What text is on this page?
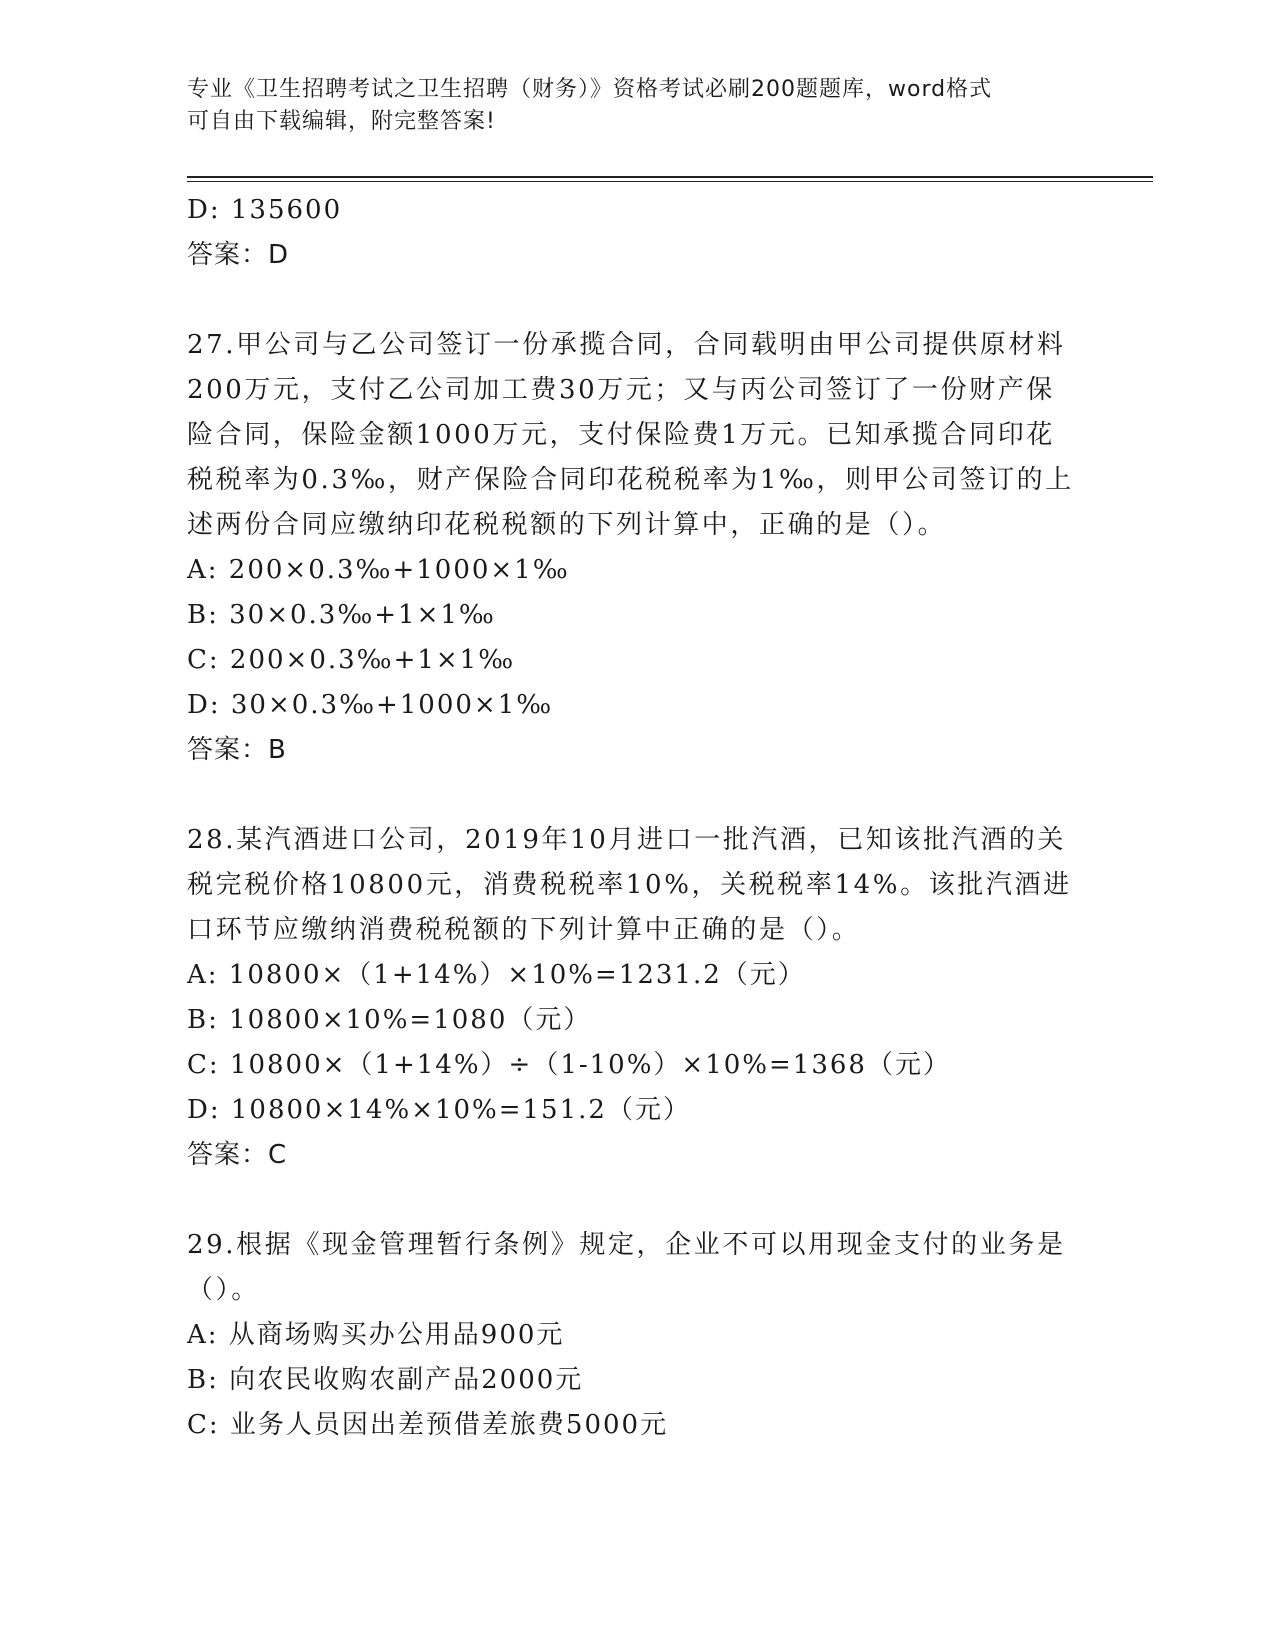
专业《卫生招聘考试之卫生招聘（财务）》资格考试必刷200题题库，word格式
可自由下载编辑，附完整答案!
D: 135600
答案：D
27.甲公司与乙公司签订一份承揽合同，合同载明由甲公司提供原材料200万元，支付乙公司加工费30万元；又与丙公司签订了一份财产保险合同，保险金额1000万元，支付保险费1万元。已知承揽合同印花税税率为0.3‰，财产保险合同印花税税率为1‰，则甲公司签订的上述两份合同应缴纳印花税税额的下列计算中，正确的是（）。
A: 200×0.3‰+1000×1‰
B: 30×0.3‰+1×1‰
C: 200×0.3‰+1×1‰
D: 30×0.3‰+1000×1‰
答案：B
28.某汽酒进口公司，2019年10月进口一批汽酒，已知该批汽酒的关税完税价格10800元，消费税税率10%，关税税率14%。该批汽酒进口环节应缴纳消费税税额的下列计算中正确的是（）。
A: 10800×（1+14%）×10%=1231.2（元）
B: 10800×10%=1080（元）
C: 10800×（1+14%）÷（1-10%）×10%=1368（元）
D: 10800×14%×10%=151.2（元）
答案：C
29.根据《现金管理暂行条例》规定，企业不可以用现金支付的业务是（）。
A: 从商场购买办公用品900元
B: 向农民收购农副产品2000元
C: 业务人员因出差预借差旅费5000元
